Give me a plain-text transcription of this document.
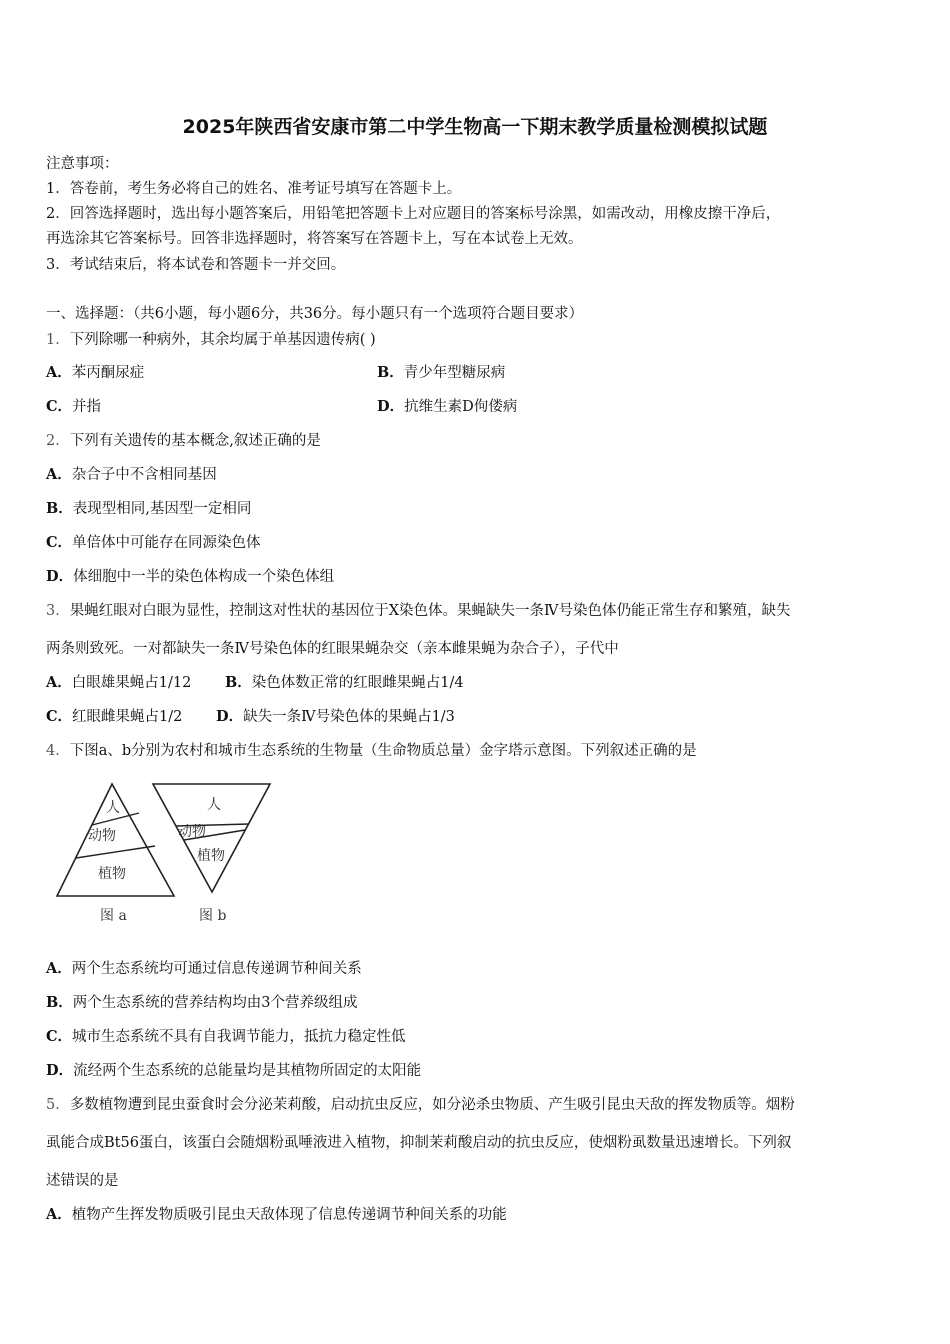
2025年陕西省安康市第二中学生物高一下期末教学质量检测模拟试题
注意事项：
1．答卷前，考生务必将自己的姓名、准考证号填写在答题卡上。
2．回答选择题时，选出每小题答案后，用铅笔把答题卡上对应题目的答案标号涂黑，如需改动，用橡皮擦干净后，
再选涂其它答案标号。回答非选择题时，将答案写在答题卡上，写在本试卷上无效。
3．考试结束后，将本试卷和答题卡一并交回。
一、选择题：（共6小题，每小题6分，共36分。每小题只有一个选项符合题目要求）
1．下列除哪一种病外，其余均属于单基因遗传病( )
A．苯丙酮尿症	B．青少年型糖尿病
C．并指	D．抗维生素D佝偻病
2．下列有关遗传的基本概念,叙述正确的是
A．杂合子中不含相同基因
B．表现型相同,基因型一定相同
C．单倍体中可能存在同源染色体
D．体细胞中一半的染色体构成一个染色体组
3．果蝇红眼对白眼为显性，控制这对性状的基因位于X染色体。果蝇缺失一条Ⅳ号染色体仍能正常生存和繁殖，缺失
两条则致死。一对都缺失一条Ⅳ号染色体的红眼果蝇杂交（亲本雌果蝇为杂合子），子代中
A．白眼雄果蝇占1/12 B．染色体数正常的红眼雌果蝇占1/4
C．红眼雌果蝇占1/2 D．缺失一条Ⅳ号染色体的果蝇占1/3
4．下图a、b分别为农村和城市生态系统的生物量（生命物质总量）金字塔示意图。下列叙述正确的是
人
动物
植物
图 a
人
动物
植物
图 b
A．两个生态系统均可通过信息传递调节种间关系
B．两个生态系统的营养结构均由3个营养级组成
C．城市生态系统不具有自我调节能力，抵抗力稳定性低
D．流经两个生态系统的总能量均是其植物所固定的太阳能
5．多数植物遭到昆虫蚕食时会分泌茉莉酸，启动抗虫反应，如分泌杀虫物质、产生吸引昆虫天敌的挥发物质等。烟粉
虱能合成Bt56蛋白，该蛋白会随烟粉虱唾液进入植物，抑制茉莉酸启动的抗虫反应，使烟粉虱数量迅速增长。下列叙
述错误的是
A．植物产生挥发物质吸引昆虫天敌体现了信息传递调节种间关系的功能
